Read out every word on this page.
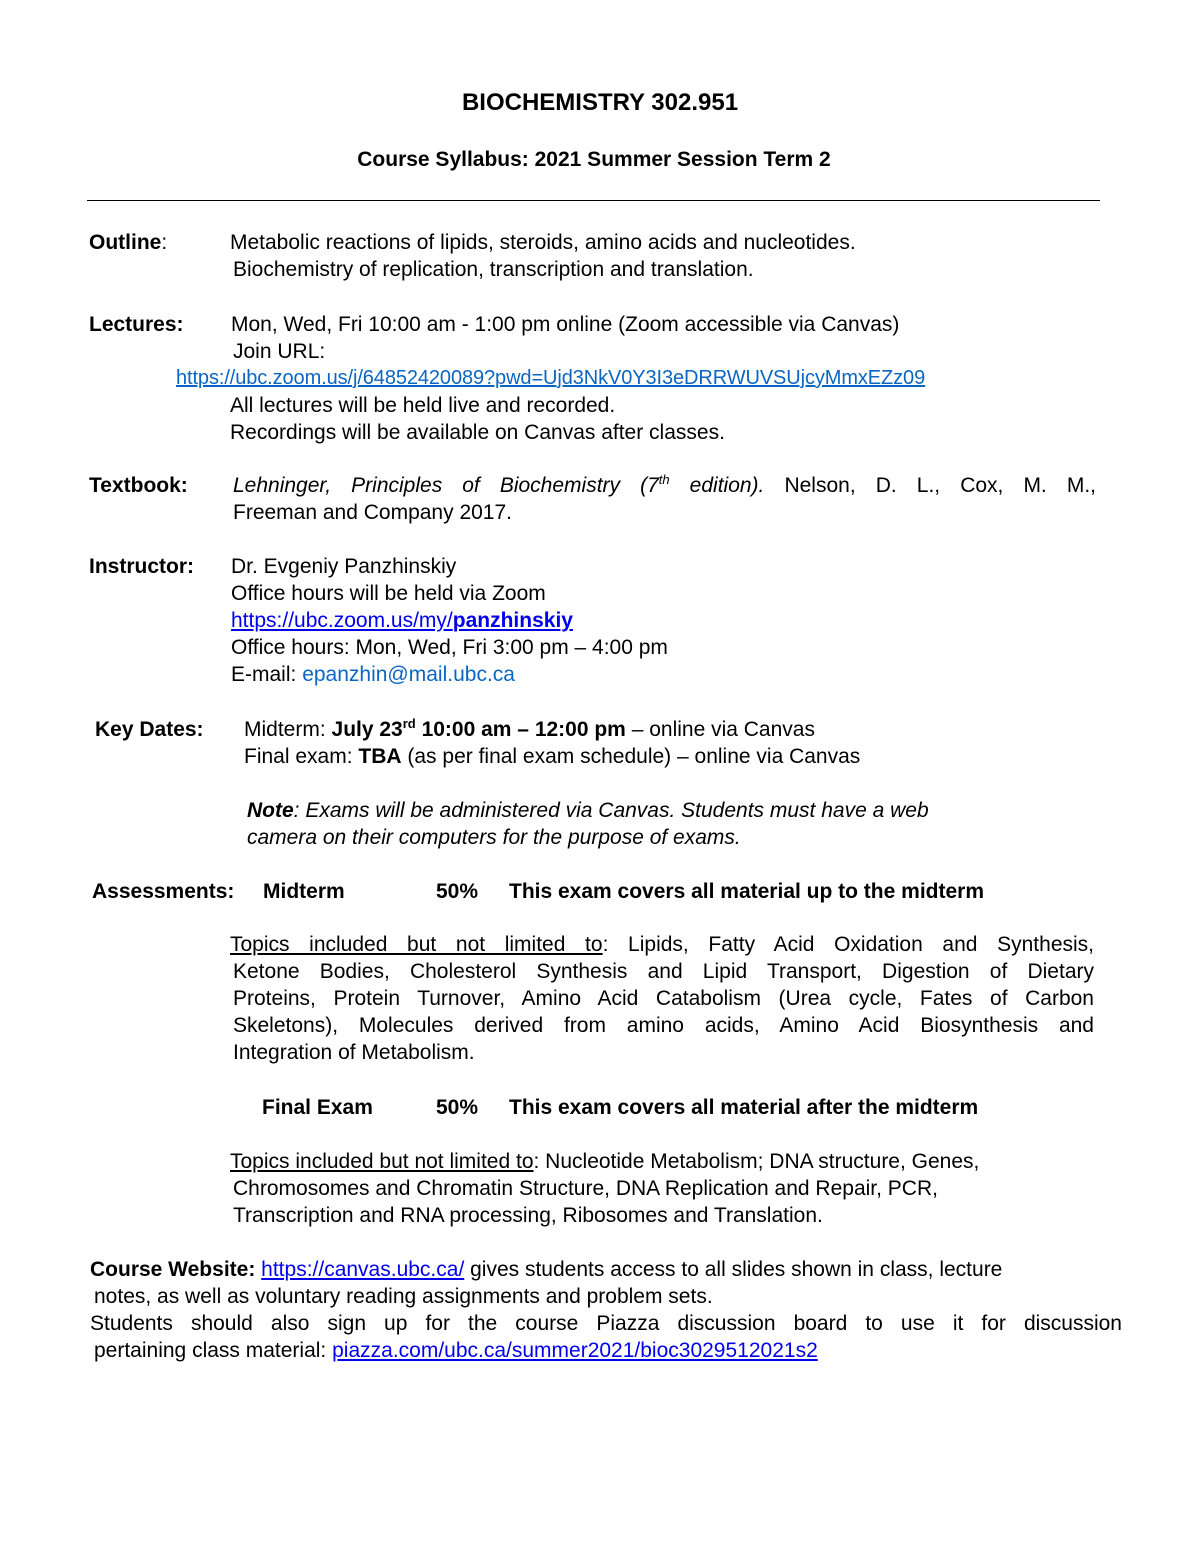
BIOCHEMISTRY 302.951
Course Syllabus: 2021 Summer Session Term 2
Outline:	Metabolic reactions of lipids, steroids, amino acids and nucleotides.
Biochemistry of replication, transcription and translation.
Lectures: Mon, Wed, Fri 10:00 am - 1:00 pm online (Zoom accessible via Canvas)
Join URL:
https://ubc.zoom.us/j/64852420089?pwd=Ujd3NkV0Y3I3eDRRWUVSUjcyMmxEZz09
All lectures will be held live and recorded.
Recordings will be available on Canvas after classes.
Textbook: Lehninger, Principles of Biochemistry (7th edition). Nelson, D. L., Cox, M. M.,
Freeman and Company 2017.
Instructor: Dr. Evgeniy Panzhinskiy
Office hours will be held via Zoom
https://ubc.zoom.us/my/panzhinskiy
Office hours: Mon, Wed, Fri 3:00 pm – 4:00 pm
E-mail: epanzhin@mail.ubc.ca
Key Dates: Midterm: July 23rd 10:00 am – 12:00 pm – online via Canvas
Final exam: TBA (as per final exam schedule) – online via Canvas
Note: Exams will be administered via Canvas. Students must have a web
camera on their computers for the purpose of exams.
Assessments: Midterm	50% This exam covers all material up to the midterm
Topics included but not limited to: Lipids, Fatty Acid Oxidation and Synthesis,
Ketone Bodies, Cholesterol Synthesis and Lipid Transport, Digestion of Dietary
Proteins, Protein Turnover, Amino Acid Catabolism (Urea cycle, Fates of Carbon
Skeletons), Molecules derived from amino acids, Amino Acid Biosynthesis and
Integration of Metabolism.
Final Exam	50% This exam covers all material after the midterm
Topics included but not limited to: Nucleotide Metabolism; DNA structure, Genes,
Chromosomes and Chromatin Structure, DNA Replication and Repair, PCR,
Transcription and RNA processing, Ribosomes and Translation.
Course Website: https://canvas.ubc.ca/ gives students access to all slides shown in class, lecture
notes, as well as voluntary reading assignments and problem sets.
Students should also sign up for the course Piazza discussion board to use it for discussion
pertaining class material: piazza.com/ubc.ca/summer2021/bioc3029512021s2
